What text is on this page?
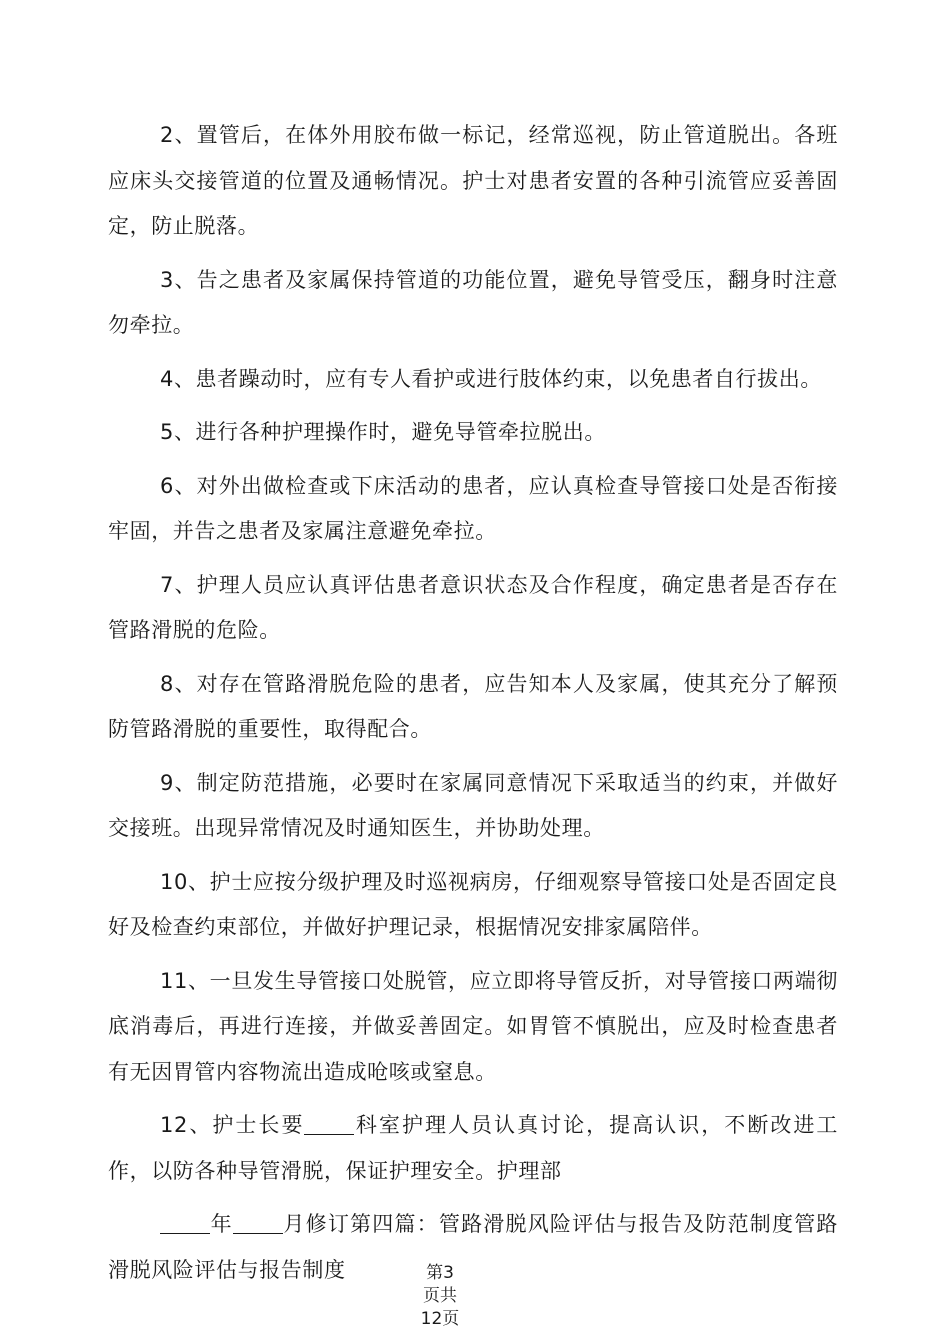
2、置管后，在体外用胶布做一标记，经常巡视，防止管道脱出。各班应床头交接管道的位置及通畅情况。护士对患者安置的各种引流管应妥善固定，防止脱落。

3、告之患者及家属保持管道的功能位置，避免导管受压，翻身时注意勿牵拉。

4、患者躁动时，应有专人看护或进行肢体约束，以免患者自行拔出。

5、进行各种护理操作时，避免导管牵拉脱出。

6、对外出做检查或下床活动的患者，应认真检查导管接口处是否衔接牢固，并告之患者及家属注意避免牵拉。

7、护理人员应认真评估患者意识状态及合作程度，确定患者是否存在管路滑脱的危险。

8、对存在管路滑脱危险的患者，应告知本人及家属，使其充分了解预防管路滑脱的重要性，取得配合。

9、制定防范措施，必要时在家属同意情况下采取适当的约束，并做好交接班。出现异常情况及时通知医生，并协助处理。

10、护士应按分级护理及时巡视病房，仔细观察导管接口处是否固定良好及检查约束部位，并做好护理记录，根据情况安排家属陪伴。

11、一旦发生导管接口处脱管，应立即将导管反折，对导管接口两端彻底消毒后，再进行连接，并做妥善固定。如胃管不慎脱出，应及时检查患者有无因胃管内容物流出造成呛咳或窒息。

12、护士长要 科室护理人员认真讨论，提高认识，不断改进工作，以防各种导管滑脱，保证护理安全。护理部

年 月修订第四篇：管路滑脱风险评估与报告及防范制度管路滑脱风险评估与报告制度	第3
页共
12页
